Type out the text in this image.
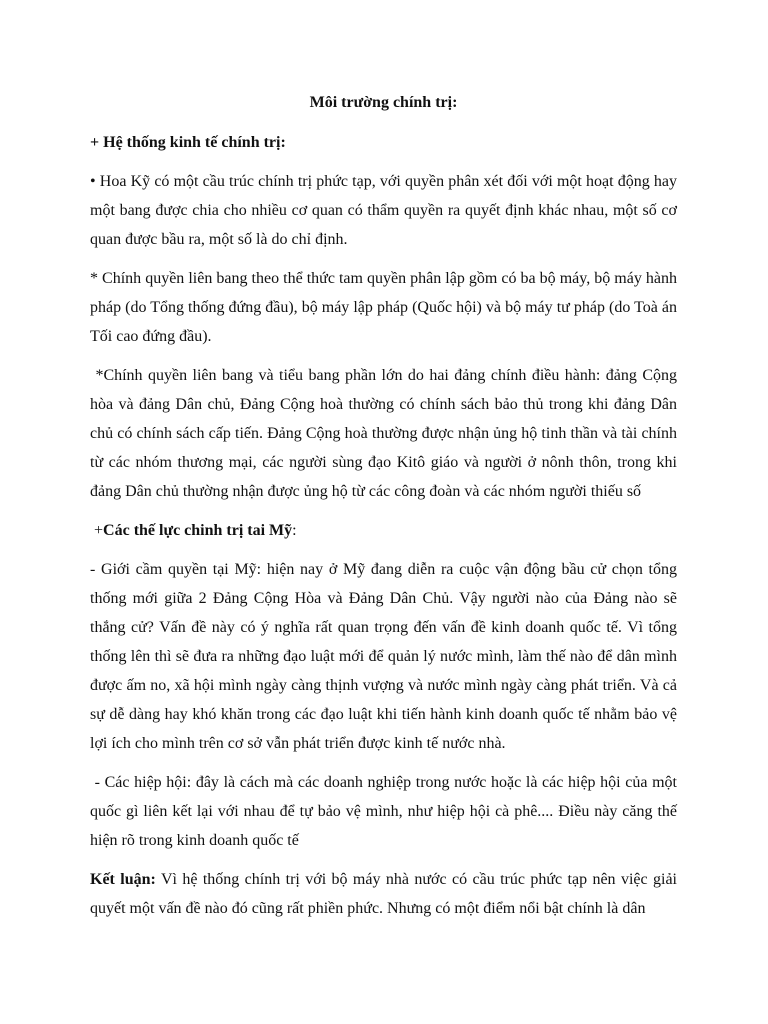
Môi trường chính trị:

+ Hệ thống kinh tế chính trị:

• Hoa Kỹ có một cầu trúc chính trị phức tạp, với quyền phân xét đối với một hoạt động hay một bang được chia cho nhiều cơ quan có thẩm quyền ra quyết định khác nhau, một số cơ quan được bầu ra, một số là do chỉ định.

* Chính quyền liên bang theo thể thức tam quyền phân lập gồm có ba bộ máy, bộ máy hành pháp (do Tổng thống đứng đầu), bộ máy lập pháp (Quốc hội) và bộ máy tư pháp (do Toà án Tối cao đứng đầu).

*Chính quyền liên bang và tiểu bang phần lớn do hai đảng chính điều hành: đảng Cộng hòa và đảng Dân chủ, Đảng Cộng hoà thường có chính sách bảo thủ trong khi đảng Dân chủ có chính sách cấp tiến. Đảng Cộng hoà thường được nhận ủng hộ tinh thần và tài chính từ các nhóm thương mại, các người sùng đạo Kitô giáo và người ở nônh thôn, trong khi đảng Dân chủ thường nhận được ủng hộ từ các công đoàn và các nhóm người thiếu số

+Các thế lực chinh trị tai Mỹ:

- Giới cầm quyền tại Mỹ: hiện nay ở Mỹ đang diễn ra cuộc vận động bầu cử chọn tổng thống mới giữa 2 Đảng Cộng Hòa và Đảng Dân Chủ. Vậy người nào của Đảng nào sẽ thắng cử? Vấn đề này có ý nghĩa rất quan trọng đến vấn đề kinh doanh quốc tế. Vì tổng thống lên thì sẽ đưa ra những đạo luật mới để quản lý nước mình, làm thế nào để dân mình được ấm no, xã hội mình ngày càng thịnh vượng và nước mình ngày càng phát triển. Và cả sự dễ dàng hay khó khăn trong các đạo luật khi tiến hành kinh doanh quốc tế nhằm bảo vệ lợi ích cho mình trên cơ sở vẫn phát triển được kinh tế nước nhà.

- Các hiệp hội: đây là cách mà các doanh nghiệp trong nước hoặc là các hiệp hội của một quốc gì liên kết lại với nhau để tự bảo vệ mình, như hiệp hội cà phê.... Điều này căng thế hiện rõ trong kinh doanh quốc tế

Kết luận: Vì hệ thống chính trị với bộ máy nhà nước có cầu trúc phức tạp nên việc giải quyết một vấn đề nào đó cũng rất phiền phức. Nhưng có một điểm nổi bật chính là dân
